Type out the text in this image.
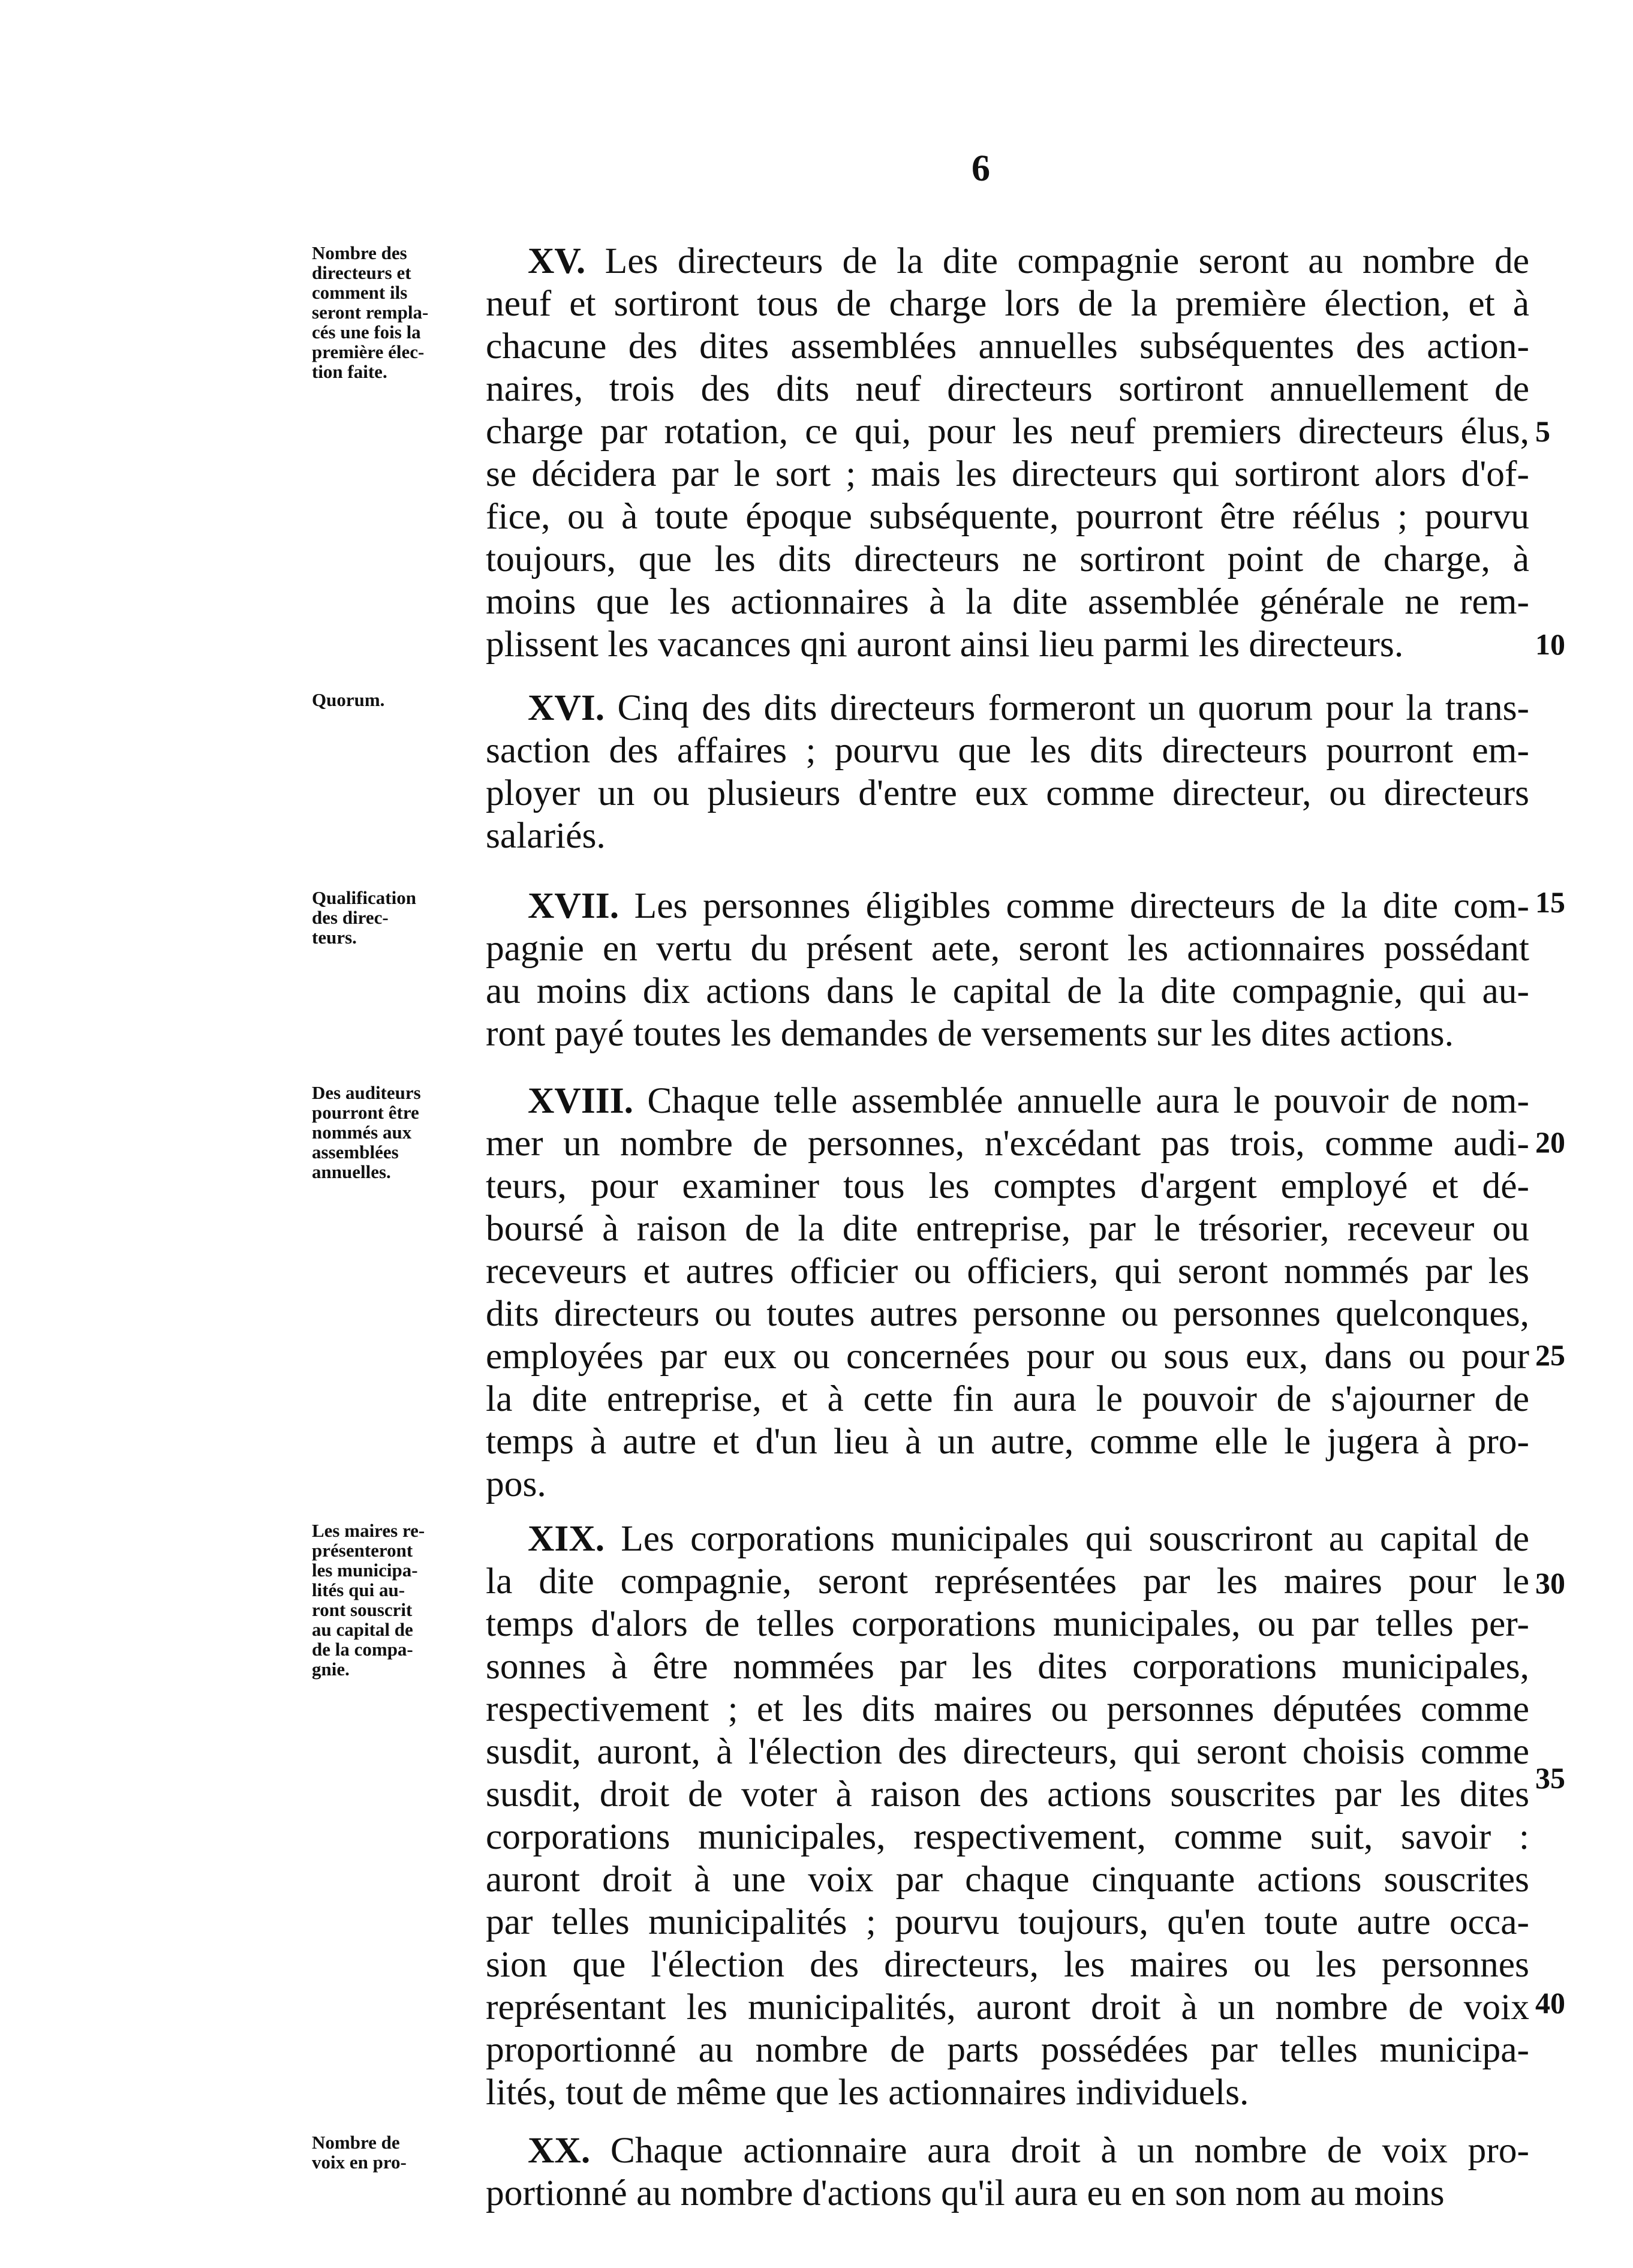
6
Nombre des
directeurs et
comment ils
seront rempla-
cés une fois la
première élec-
tion faite.
XV. Les directeurs de la dite compagnie seront au nombre de
neuf et sortiront tous de charge lors de la première élection, et à
chacune des dites assemblées annuelles subséquentes des action-
naires, trois des dits neuf directeurs sortiront annuellement de
charge par rotation, ce qui, pour les neuf premiers directeurs élus,
se décidera par le sort ; mais les directeurs qui sortiront alors d'of-
fice, ou à toute époque subséquente, pourront être réélus ; pourvu
toujours, que les dits directeurs ne sortiront point de charge, à
moins que les actionnaires à la dite assemblée générale ne rem-
plissent les vacances qni auront ainsi lieu parmi les directeurs.
Quorum.	XVI. Cinq des dits directeurs formeront un quorum pour la trans-
saction des affaires ; pourvu que les dits directeurs pourront em-
ployer un ou plusieurs d'entre eux comme directeur, ou directeurs
salariés.
Qualification
des direc-
teurs.
XVII. Les personnes éligibles comme directeurs de la dite com-
pagnie en vertu du présent aete, seront les actionnaires possédant
au moins dix actions dans le capital de la dite compagnie, qui au-
ront payé toutes les demandes de versements sur les dites actions.
Des auditeurs
pourront être
nommés aux
assemblées
annuelles.
XVIII. Chaque telle assemblée annuelle aura le pouvoir de nom-
mer un nombre de personnes, n'excédant pas trois, comme audi-
teurs, pour examiner tous les comptes d'argent employé et dé-
boursé à raison de la dite entreprise, par le trésorier, receveur ou
receveurs et autres officier ou officiers, qui seront nommés par les
dits directeurs ou toutes autres personne ou personnes quelconques,
employées par eux ou concernées pour ou sous eux, dans ou pour
la dite entreprise, et à cette fin aura le pouvoir de s'ajourner de
temps à autre et d'un lieu à un autre, comme elle le jugera à pro-
pos.
Les maires re-
présenteront
les municipa-
lités qui au-
ront souscrit
au capital de
de la compa-
gnie.
XIX. Les corporations municipales qui souscriront au capital de
la dite compagnie, seront représentées par les maires pour le
temps d'alors de telles corporations municipales, ou par telles per-
sonnes à être nommées par les dites corporations municipales,
respectivement ; et les dits maires ou personnes députées comme
susdit, auront, à l'élection des directeurs, qui seront choisis comme
susdit, droit de voter à raison des actions souscrites par les dites
corporations municipales, respectivement, comme suit, savoir :
auront droit à une voix par chaque cinquante actions souscrites
par telles municipalités ; pourvu toujours, qu'en toute autre occa-
sion que l'élection des directeurs, les maires ou les personnes
représentant les municipalités, auront droit à un nombre de voix
proportionné au nombre de parts possédées par telles municipa-
lités, tout de même que les actionnaires individuels.
Nombre de
voix en pro-	XX. Chaque actionnaire aura droit à un nombre de voix pro-
portionné au nombre d'actions qu'il aura eu en son nom au moins
5
10
15
20
25
30
35
40
